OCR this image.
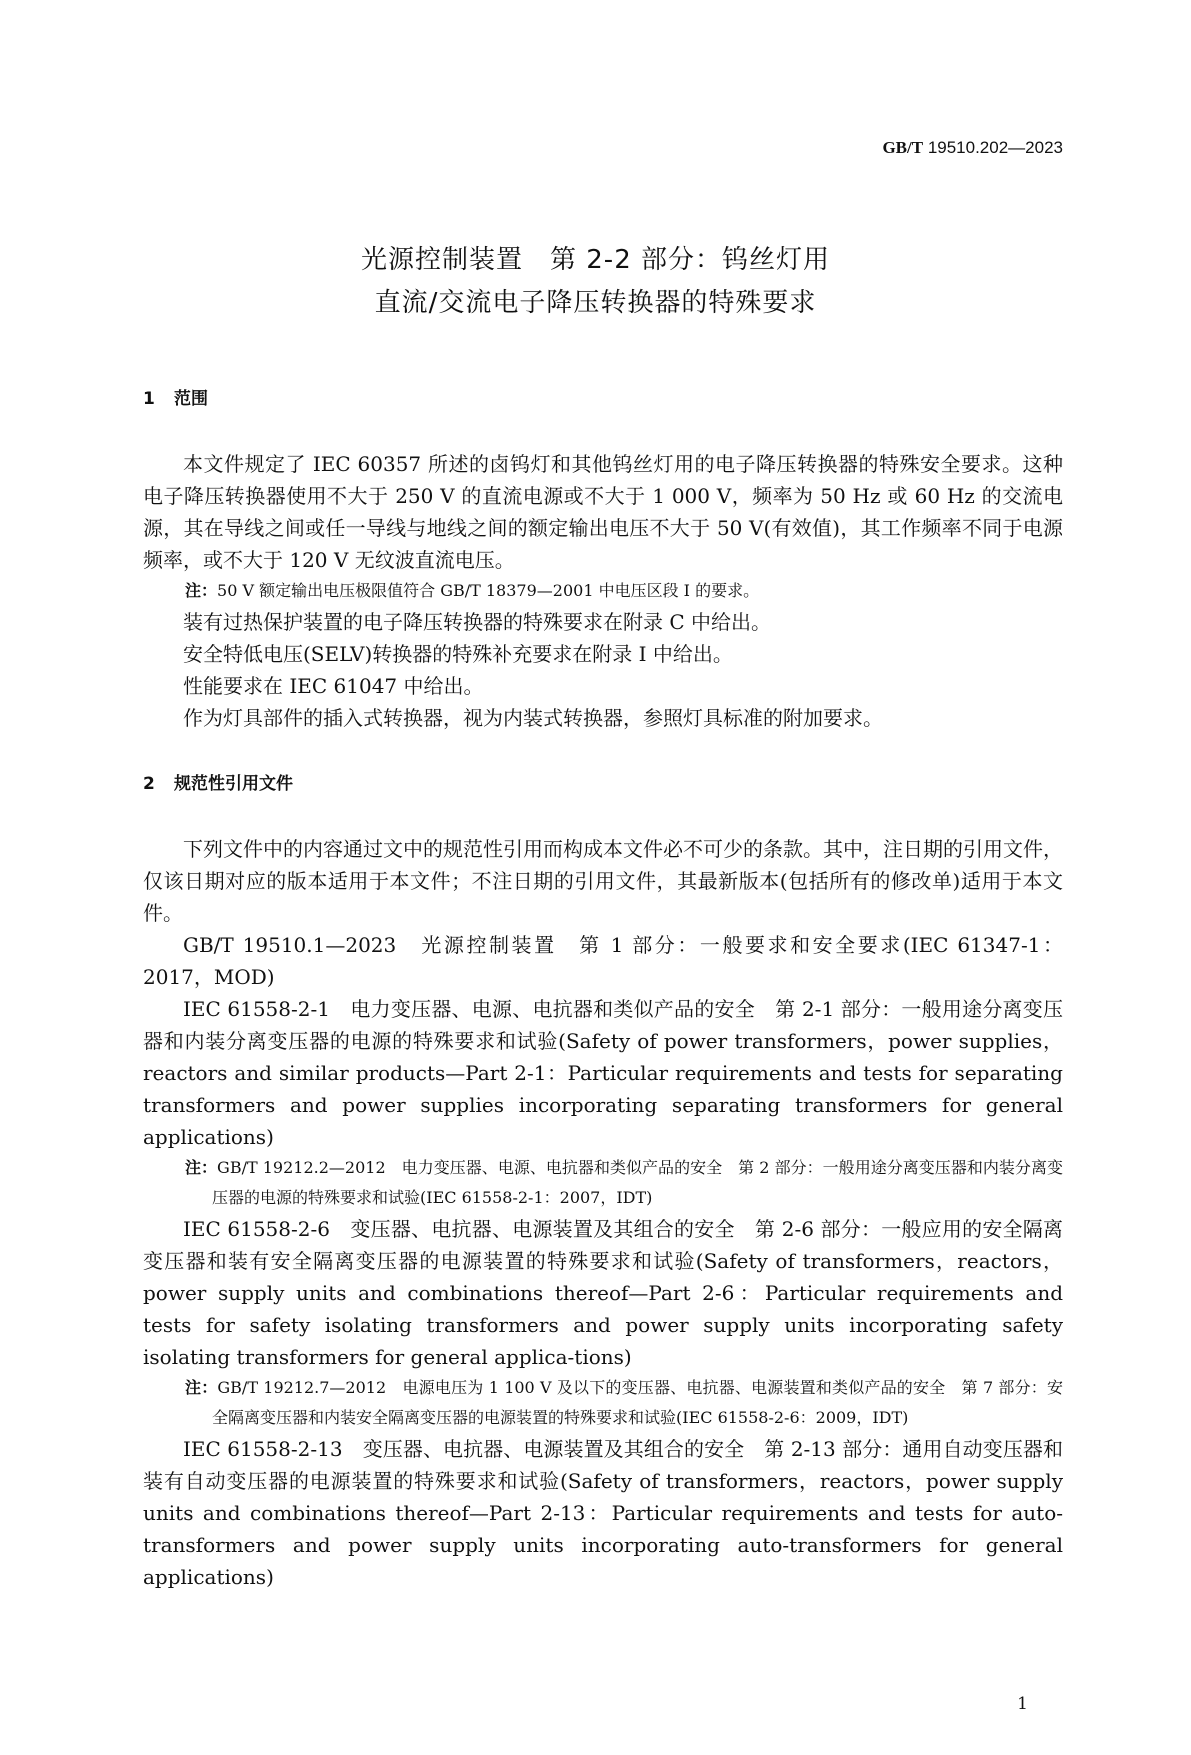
GB/T 19510.202—2023
光源控制装置　第 2-2 部分：钨丝灯用
直流/交流电子降压转换器的特殊要求
1 范围

本文件规定了 IEC 60357 所述的卤钨灯和其他钨丝灯用的电子降压转换器的特殊安全要求。这种电子降压转换器使用不大于 250 V 的直流电源或不大于 1 000 V，频率为 50 Hz 或 60 Hz 的交流电源，其在导线之间或任一导线与地线之间的额定输出电压不大于 50 V(有效值)，其工作频率不同于电源频率，或不大于 120 V 无纹波直流电压。

注：50 V 额定输出电压极限值符合 GB/T 18379—2001 中电压区段 I 的要求。

装有过热保护装置的电子降压转换器的特殊要求在附录 C 中给出。

安全特低电压(SELV)转换器的特殊补充要求在附录 I 中给出。

性能要求在 IEC 61047 中给出。

作为灯具部件的插入式转换器，视为内装式转换器，参照灯具标准的附加要求。

2 规范性引用文件

下列文件中的内容通过文中的规范性引用而构成本文件必不可少的条款。其中，注日期的引用文件，仅该日期对应的版本适用于本文件；不注日期的引用文件，其最新版本(包括所有的修改单)适用于本文件。

GB/T 19510.1—2023　光源控制装置　第 1 部分：一般要求和安全要求(IEC 61347-1：2017，MOD)

IEC 61558-2-1　电力变压器、电源、电抗器和类似产品的安全　第 2-1 部分：一般用途分离变压器和内装分离变压器的电源的特殊要求和试验(Safety of power transformers，power supplies，reactors and similar products—Part 2-1：Particular requirements and tests for separating transformers and power supplies incorporating separating transformers for general applications)

注：GB/T 19212.2—2012　电力变压器、电源、电抗器和类似产品的安全　第 2 部分：一般用途分离变压器和内装分离变压器的电源的特殊要求和试验(IEC 61558-2-1：2007，IDT)

IEC 61558-2-6　变压器、电抗器、电源装置及其组合的安全　第 2-6 部分：一般应用的安全隔离变压器和装有安全隔离变压器的电源装置的特殊要求和试验(Safety of transformers，reactors，power supply units and combinations thereof—Part 2-6：Particular requirements and tests for safety isolating transformers and power supply units incorporating safety isolating transformers for general applica-tions)

注：GB/T 19212.7—2012　电源电压为 1 100 V 及以下的变压器、电抗器、电源装置和类似产品的安全　第 7 部分：安全隔离变压器和内装安全隔离变压器的电源装置的特殊要求和试验(IEC 61558-2-6：2009，IDT)

IEC 61558-2-13　变压器、电抗器、电源装置及其组合的安全　第 2-13 部分：通用自动变压器和装有自动变压器的电源装置的特殊要求和试验(Safety of transformers，reactors，power supply units and combinations thereof—Part 2-13：Particular requirements and tests for auto-transformers and power supply units incorporating auto-transformers for general applications)

1
